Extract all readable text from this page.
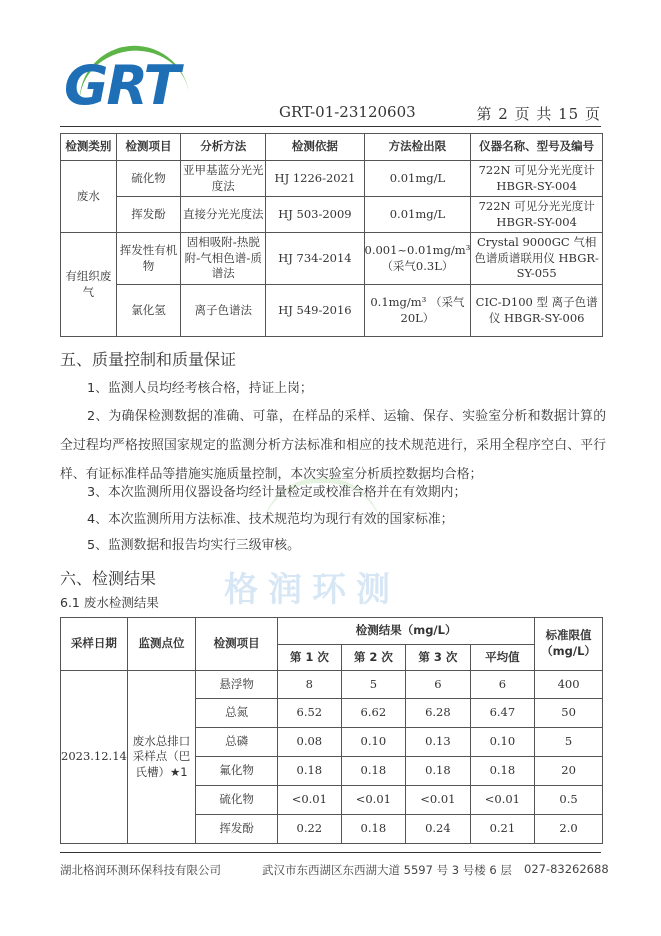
GRT	GRT-01-23120603	第 2 页 共 15 页
检测类别	检测项目	分析方法	检测依据	方法检出限	仪器名称、型号及编号
废水	硫化物	亚甲基蓝分光光度法	HJ 1226-2021	0.01mg/L	722N 可见分光光度计 HBGR-SY-004
	挥发酚	直接分光光度法	HJ 503-2009	0.01mg/L	722N 可见分光光度计 HBGR-SY-004
有组织废气	挥发性有机物	固相吸附-热脱附-气相色谱-质谱法	HJ 734-2014	0.001~0.01mg/m³ （采气0.3L）	Crystal 9000GC 气相色谱质谱联用仪 HBGR-SY-055
	氯化氢	离子色谱法	HJ 549-2016	0.1mg/m³ （采气 20L）	CIC-D100 型 离子色谱仪 HBGR-SY-006
格润环测
五、质量控制和质量保证
1、监测人员均经考核合格，持证上岗；
2、为确保检测数据的准确、可靠，在样品的采样、运输、保存、实验室分析和数据计算的全过程均严格按照国家规定的监测分析方法标准和相应的技术规范进行，采用全程序空白、平行样、有证标准样品等措施实施质量控制，本次实验室分析质控数据均合格；
3、本次监测所用仪器设备均经计量检定或校准合格并在有效期内；
4、本次监测所用方法标准、技术规范均为现行有效的国家标准；
5、监测数据和报告均实行三级审核。
六、检测结果
6.1 废水检测结果
采样日期	监测点位	检测项目	检测结果（mg/L）				标准限值（mg/L）
			第 1 次	第 2 次	第 3 次	平均值	
2023.12.14	废水总排口采样点（巴氏槽）★1	悬浮物	8	5	6	6	400
		总氮	6.52	6.62	6.28	6.47	50
		总磷	0.08	0.10	0.13	0.10	5
		氟化物	0.18	0.18	0.18	0.18	20
		硫化物	<0.01	<0.01	<0.01	<0.01	0.5
		挥发酚	0.22	0.18	0.24	0.21	2.0
湖北格润环测环保科技有限公司	武汉市东西湖区东西湖大道 5597 号 3 号楼 6 层 027-83262688
